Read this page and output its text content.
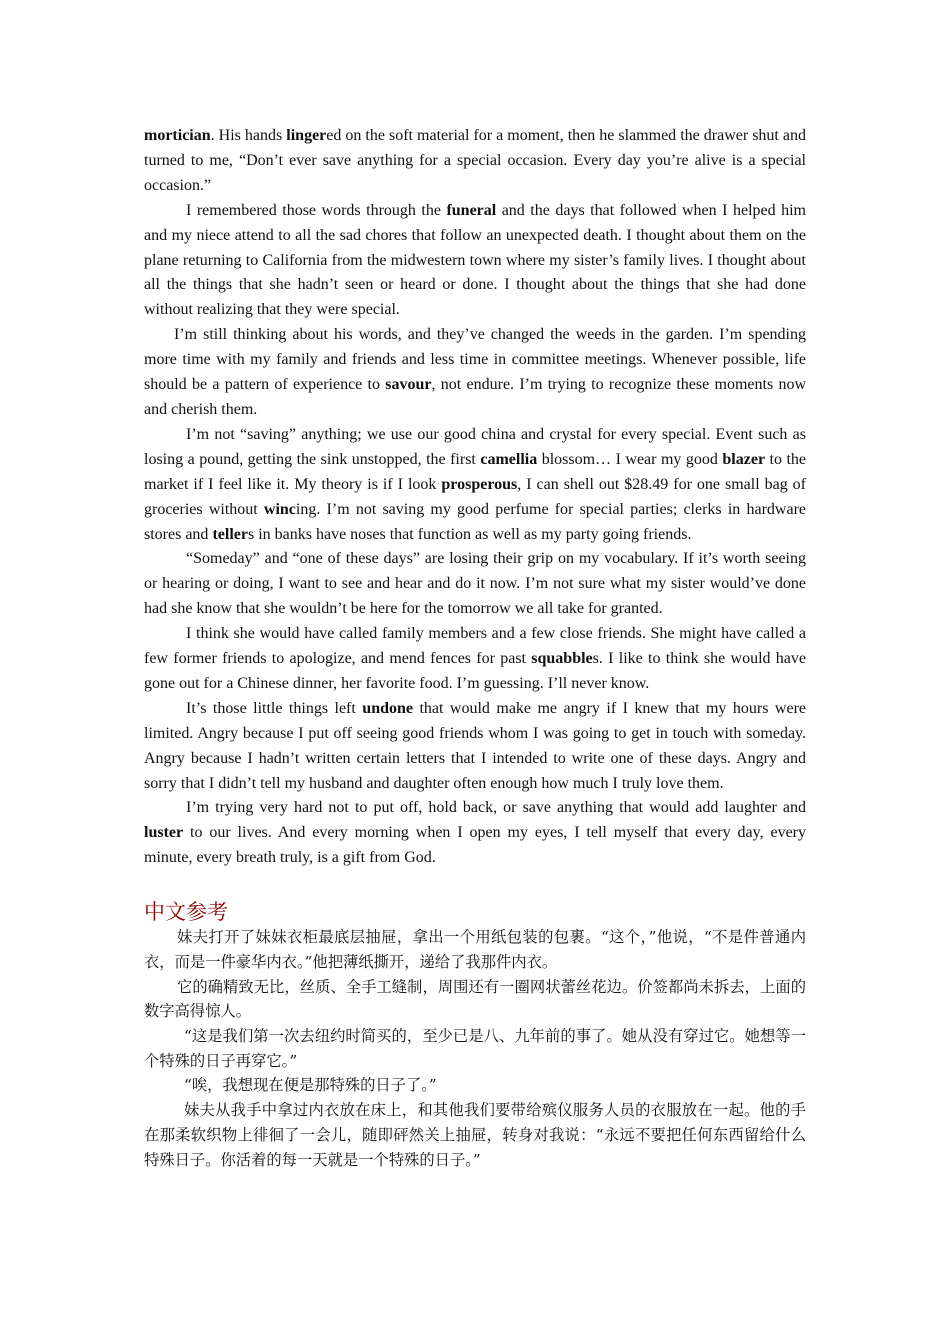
mortician. His hands lingered on the soft material for a moment, then he slammed the drawer shut and turned to me, “Don’t ever save anything for a special occasion. Every day you’re alive is a special occasion.”

I remembered those words through the funeral and the days that followed when I helped him and my niece attend to all the sad chores that follow an unexpected death. I thought about them on the plane returning to California from the midwestern town where my sister’s family lives. I thought about all the things that she hadn’t seen or heard or done. I thought about the things that she had done without realizing that they were special.

I’m still thinking about his words, and they’ve changed the weeds in the garden. I’m spending more time with my family and friends and less time in committee meetings. Whenever possible, life should be a pattern of experience to savour, not endure. I’m trying to recognize these moments now and cherish them.

I’m not “saving” anything; we use our good china and crystal for every special. Event such as losing a pound, getting the sink unstopped, the first camellia blossom… I wear my good blazer to the market if I feel like it. My theory is if I look prosperous, I can shell out $28.49 for one small bag of groceries without wincing. I’m not saving my good perfume for special parties; clerks in hardware stores and tellers in banks have noses that function as well as my party going friends.

“Someday” and “one of these days” are losing their grip on my vocabulary. If it’s worth seeing or hearing or doing, I want to see and hear and do it now. I’m not sure what my sister would’ve done had she know that she wouldn’t be here for the tomorrow we all take for granted.

I think she would have called family members and a few close friends. She might have called a few former friends to apologize, and mend fences for past squabbles. I like to think she would have gone out for a Chinese dinner, her favorite food. I’m guessing. I’ll never know.

It’s those little things left undone that would make me angry if I knew that my hours were limited. Angry because I put off seeing good friends whom I was going to get in touch with someday. Angry because I hadn’t written certain letters that I intended to write one of these days. Angry and sorry that I didn’t tell my husband and daughter often enough how much I truly love them.

I’m trying very hard not to put off, hold back, or save anything that would add laughter and luster to our lives. And every morning when I open my eyes, I tell myself that every day, every minute, every breath truly, is a gift from God.

中文参考

妹夫打开了妹妹衣柜最底层抽屉，拿出一个用纸包装的包裹。“这个，”他说，“不是件普通内衣，而是一件豪华内衣。”他把薄纸撕开，递给了我那件内衣。

它的确精致无比，丝质、全手工缝制，周围还有一圈网状蕾丝花边。价签都尚未拆去，上面的数字高得惊人。

“这是我们第一次去纽约时简买的，至少已是八、九年前的事了。她从没有穿过它。她想等一个特殊的日子再穿它。”

“唉，我想现在便是那特殊的日子了。”

妹夫从我手中拿过内衣放在床上，和其他我们要带给殡仪服务人员的衣服放在一起。他的手在那柔软织物上徘徊了一会儿，随即砰然关上抽屉，转身对我说：“永远不要把任何东西留给什么特殊日子。你活着的每一天就是一个特殊的日子。”
